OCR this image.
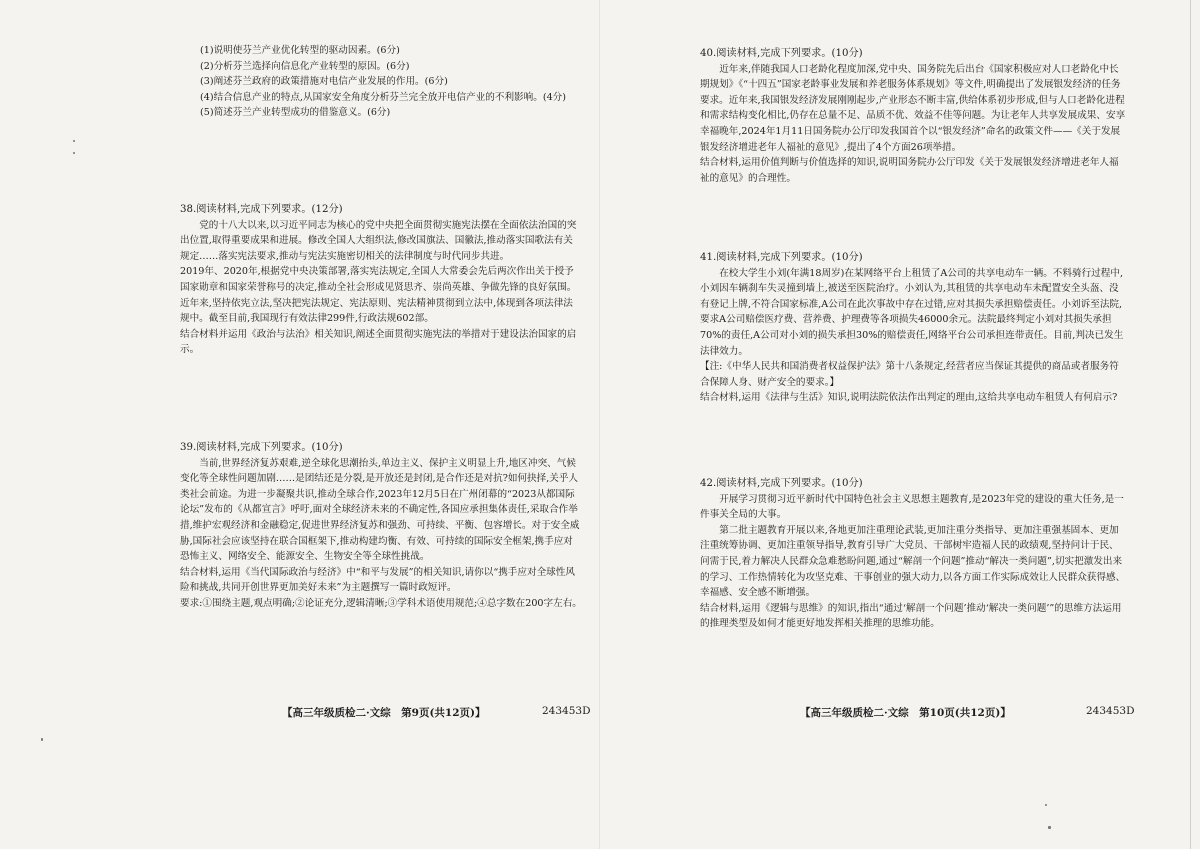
(1)说明使芬兰产业优化转型的驱动因素。(6分)

(2)分析芬兰选择向信息化产业转型的原因。(6分)

(3)阐述芬兰政府的政策措施对电信产业发展的作用。(6分)

(4)结合信息产业的特点,从国家安全角度分析芬兰完全放开电信产业的不利影响。(4分)

(5)简述芬兰产业转型成功的借鉴意义。(6分)

38.阅读材料,完成下列要求。(12分)

党的十八大以来,以习近平同志为核心的党中央把全面贯彻实施宪法摆在全面依法治国的突出位置,取得重要成果和进展。修改全国人大组织法,修改国旗法、国徽法,推动落实国歌法有关规定……落实宪法要求,推动与宪法实施密切相关的法律制度与时代同步共进。

2019年、2020年,根据党中央决策部署,落实宪法规定,全国人大常委会先后两次作出关于授予国家勋章和国家荣誉称号的决定,推动全社会形成见贤思齐、崇尚英雄、争做先锋的良好氛围。近年来,坚持依宪立法,坚决把宪法规定、宪法原则、宪法精神贯彻到立法中,体现到各项法律法规中。截至目前,我国现行有效法律299件,行政法规602部。

结合材料并运用《政治与法治》相关知识,阐述全面贯彻实施宪法的举措对于建设法治国家的启示。

39.阅读材料,完成下列要求。(10分)

当前,世界经济复苏艰难,逆全球化思潮抬头,单边主义、保护主义明显上升,地区冲突、气候变化等全球性问题加剧……是团结还是分裂,是开放还是封闭,是合作还是对抗?如何抉择,关乎人类社会前途。为进一步凝聚共识,推动全球合作,2023年12月5日在广州闭幕的“2023从都国际论坛”发布的《从都宣言》呼吁,面对全球经济未来的不确定性,各国应承担集体责任,采取合作举措,维护宏观经济和金融稳定,促进世界经济复苏和强劲、可持续、平衡、包容增长。对于安全威胁,国际社会应该坚持在联合国框架下,推动构建均衡、有效、可持续的国际安全框架,携手应对恐怖主义、网络安全、能源安全、生物安全等全球性挑战。

结合材料,运用《当代国际政治与经济》中“和平与发展”的相关知识,请你以“携手应对全球性风险和挑战,共同开创世界更加美好未来”为主题撰写一篇时政短评。

要求:①围绕主题,观点明确;②论证充分,逻辑清晰;③学科术语使用规范;④总字数在200字左右。

【高三年级质检二·文综　第9页(共12页)】	243453D

40.阅读材料,完成下列要求。(10分)

近年来,伴随我国人口老龄化程度加深,党中央、国务院先后出台《国家积极应对人口老龄化中长期规划》《“十四五”国家老龄事业发展和养老服务体系规划》等文件,明确提出了发展银发经济的任务要求。近年来,我国银发经济发展刚刚起步,产业形态不断丰富,供给体系初步形成,但与人口老龄化进程和需求结构变化相比,仍存在总量不足、品质不优、效益不佳等问题。为让老年人共享发展成果、安享幸福晚年,2024年1月11日国务院办公厅印发我国首个以“银发经济”命名的政策文件——《关于发展银发经济增进老年人福祉的意见》,提出了4个方面26项举措。

结合材料,运用价值判断与价值选择的知识,说明国务院办公厅印发《关于发展银发经济增进老年人福祉的意见》的合理性。

41.阅读材料,完成下列要求。(10分)

在校大学生小刘(年满18周岁)在某网络平台上租赁了A公司的共享电动车一辆。不料骑行过程中,小刘因车辆刹车失灵撞到墙上,被送至医院治疗。小刘认为,其租赁的共享电动车未配置安全头盔、没有登记上牌,不符合国家标准,A公司在此次事故中存在过错,应对其损失承担赔偿责任。小刘诉至法院,要求A公司赔偿医疗费、营养费、护理费等各项损失46000余元。法院最终判定小刘对其损失承担70%的责任,A公司对小刘的损失承担30%的赔偿责任,网络平台公司承担连带责任。目前,判决已发生法律效力。

【注:《中华人民共和国消费者权益保护法》第十八条规定,经营者应当保证其提供的商品或者服务符合保障人身、财产安全的要求。】

结合材料,运用《法律与生活》知识,说明法院依法作出判定的理由,这给共享电动车租赁人有何启示?

42.阅读材料,完成下列要求。(10分)

开展学习贯彻习近平新时代中国特色社会主义思想主题教育,是2023年党的建设的重大任务,是一件事关全局的大事。

第二批主题教育开展以来,各地更加注重理论武装,更加注重分类指导、更加注重强基固本、更加注重统筹协调、更加注重领导指导,教育引导广大党员、干部树牢造福人民的政绩观,坚持问计于民、问需于民,着力解决人民群众急难愁盼问题,通过“解剖一个问题”推动“解决一类问题”,切实把激发出来的学习、工作热情转化为攻坚克难、干事创业的强大动力,以各方面工作实际成效让人民群众获得感、幸福感、安全感不断增强。

结合材料,运用《逻辑与思维》的知识,指出“通过‘解剖一个问题’推动‘解决一类问题’”的思维方法运用的推理类型及如何才能更好地发挥相关推理的思维功能。

【高三年级质检二·文综　第10页(共12页)】	243453D
